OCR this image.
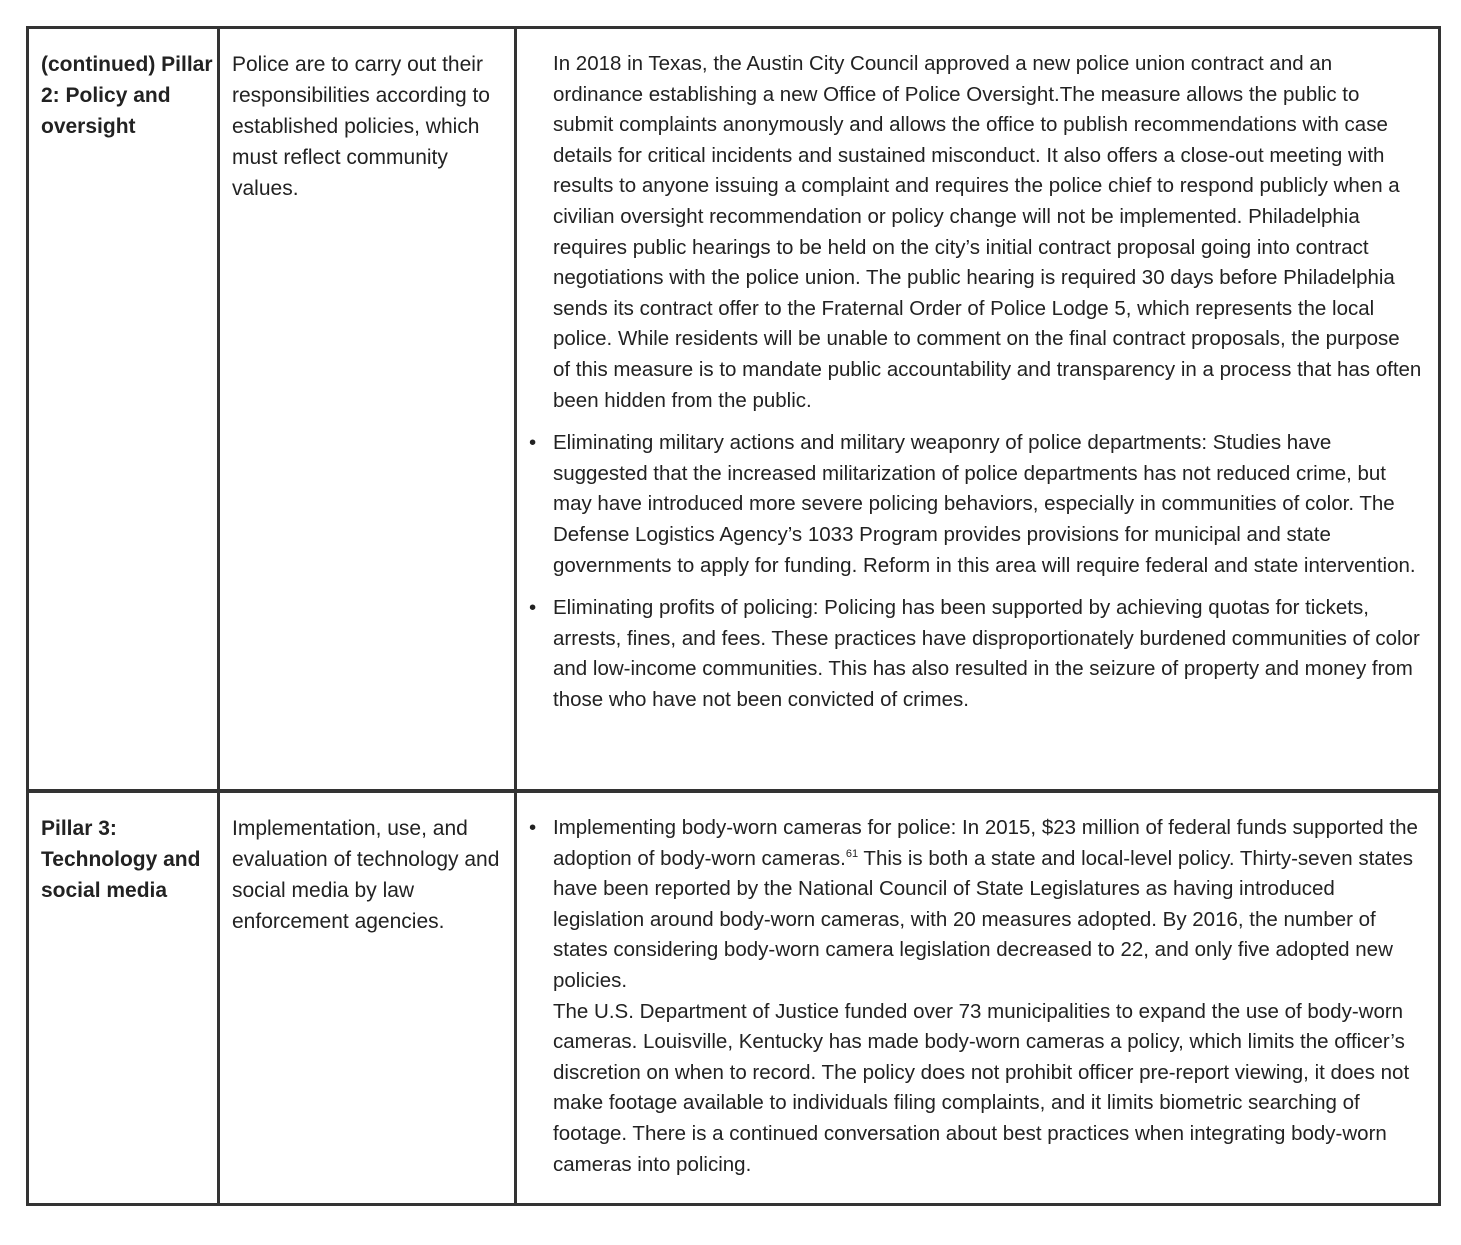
(continued) Pillar 2: Policy and oversight

Police are to carry out their responsibilities according to established policies, which must reflect community values.

In 2018 in Texas, the Austin City Council approved a new police union contract and an ordinance establishing a new Office of Police Oversight.The measure allows the public to submit complaints anonymously and allows the office to publish recommendations with case details for critical incidents and sustained misconduct. It also offers a close-out meeting with results to anyone issuing a complaint and requires the police chief to respond publicly when a civilian oversight recommendation or policy change will not be implemented. Philadelphia requires public hearings to be held on the city’s initial contract proposal going into contract negotiations with the police union. The public hearing is required 30 days before Philadelphia sends its contract offer to the Fraternal Order of Police Lodge 5, which represents the local police. While residents will be unable to comment on the final contract proposals, the purpose of this measure is to mandate public accountability and transparency in a process that has often been hidden from the public.

• Eliminating military actions and military weaponry of police departments: Studies have suggested that the increased militarization of police departments has not reduced crime, but may have introduced more severe policing behaviors, especially in communities of color. The Defense Logistics Agency’s 1033 Program provides provisions for municipal and state governments to apply for funding. Reform in this area will require federal and state intervention.

• Eliminating profits of policing: Policing has been supported by achieving quotas for tickets, arrests, fines, and fees. These practices have disproportionately burdened communities of color and low-income communities. This has also resulted in the seizure of property and money from those who have not been convicted of crimes.

Pillar 3: Technology and social media

Implementation, use, and evaluation of technology and social media by law enforcement agencies.

• Implementing body-worn cameras for police: In 2015, $23 million of federal funds supported the adoption of body-worn cameras.$^{61}$ This is both a state and local-level policy. Thirty-seven states have been reported by the National Council of State Legislatures as having introduced legislation around body-worn cameras, with 20 measures adopted. By 2016, the number of states considering body-worn camera legislation decreased to 22, and only five adopted new policies.

The U.S. Department of Justice funded over 73 municipalities to expand the use of body-worn cameras. Louisville, Kentucky has made body-worn cameras a policy, which limits the officer’s discretion on when to record. The policy does not prohibit officer pre-report viewing, it does not make footage available to individuals filing complaints, and it limits biometric searching of footage. There is a continued conversation about best practices when integrating body-worn cameras into policing.
